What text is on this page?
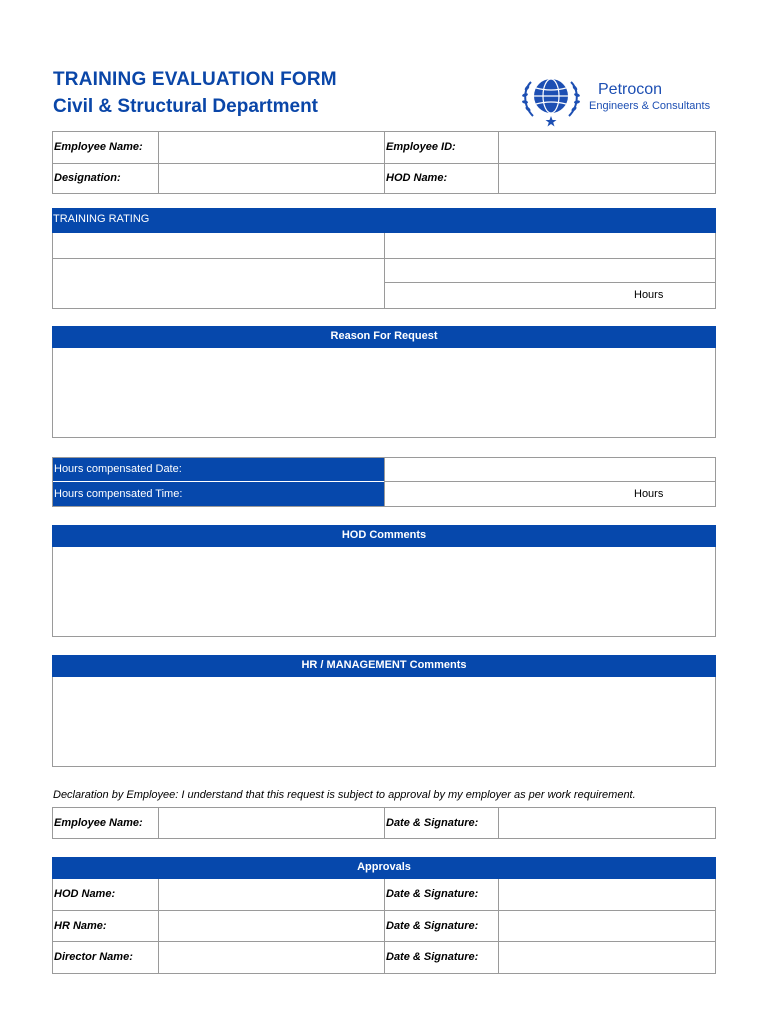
TRAINING EVALUATION FORM
Civil & Structural Department
Petrocon
Engineers & Consultants
Employee Name:	Employee ID:
Designation:	HOD Name:
TRAINING RATING
Hours
Reason For Request
Hours compensated Date:
Hours compensated Time:	Hours
HOD Comments
HR / MANAGEMENT Comments
Declaration by Employee: I understand that this request is subject to approval by my employer as per work requirement.
Employee Name:	Date & Signature:
Approvals
HOD Name:	Date & Signature:
HR Name:	Date & Signature:
Director Name:	Date & Signature:
